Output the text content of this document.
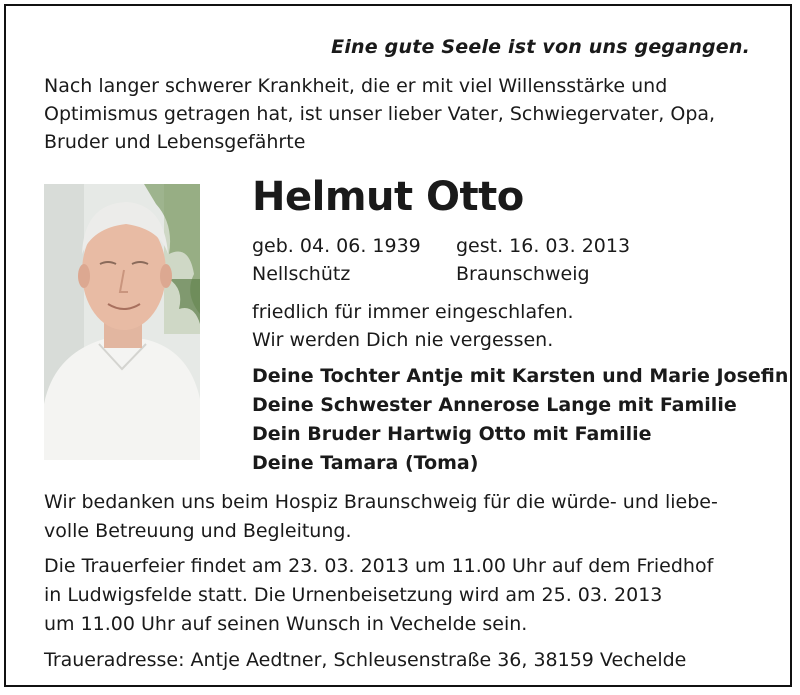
Eine gute Seele ist von uns gegangen.
Nach langer schwerer Krankheit, die er mit viel Willensstärke und
Optimismus getragen hat, ist unser lieber Vater, Schwiegervater, Opa,
Bruder und Lebensgefährte
Helmut Otto
geb. 04. 06. 1939
Nellschütz
gest. 16. 03. 2013
Braunschweig
friedlich für immer eingeschlafen.
Wir werden Dich nie vergessen.
Deine Tochter Antje mit Karsten und Marie Josefin
Deine Schwester Annerose Lange mit Familie
Dein Bruder Hartwig Otto mit Familie
Deine Tamara (Toma)
Wir bedanken uns beim Hospiz Braunschweig für die würde- und liebe-
volle Betreuung und Begleitung.
Die Trauerfeier findet am 23. 03. 2013 um 11.00 Uhr auf dem Friedhof
in Ludwigsfelde statt. Die Urnenbeisetzung wird am 25. 03. 2013
um 11.00 Uhr auf seinen Wunsch in Vechelde sein.
Traueradresse: Antje Aedtner, Schleusenstraße 36, 38159 Vechelde
